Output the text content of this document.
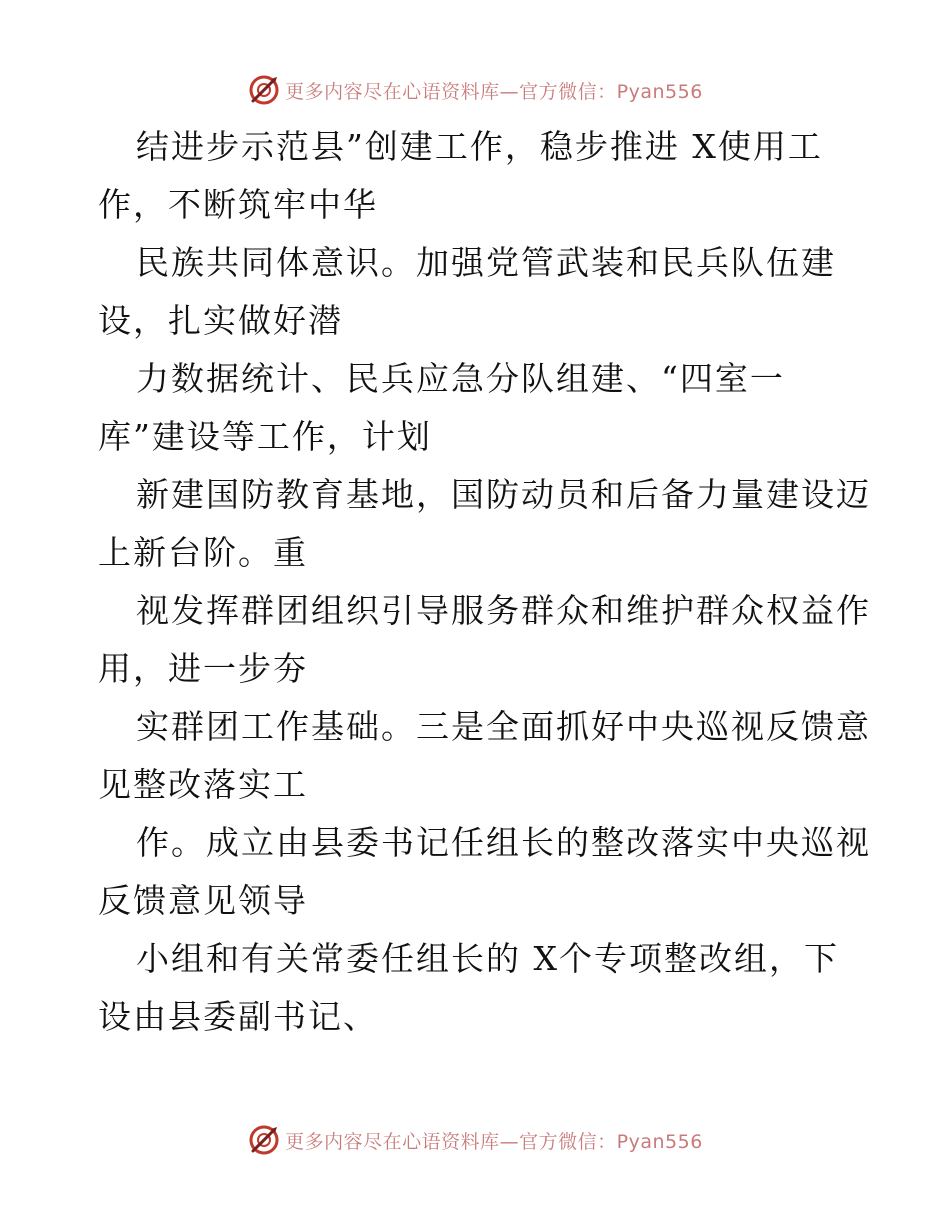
更多内容尽在心语资料库—官方微信：Pyan556
结进步示范县”创建工作，稳步推进 X使用工
作，不断筑牢中华
民族共同体意识。加强党管武装和民兵队伍建
设，扎实做好潜
力数据统计、民兵应急分队组建、“四室一
库”建设等工作，计划
新建国防教育基地，国防动员和后备力量建设迈
上新台阶。重
视发挥群团组织引导服务群众和维护群众权益作
用，进一步夯
实群团工作基础。三是全面抓好中央巡视反馈意
见整改落实工
作。成立由县委书记任组长的整改落实中央巡视
反馈意见领导
小组和有关常委任组长的 X个专项整改组，下
设由县委副书记、
更多内容尽在心语资料库—官方微信：Pyan556
